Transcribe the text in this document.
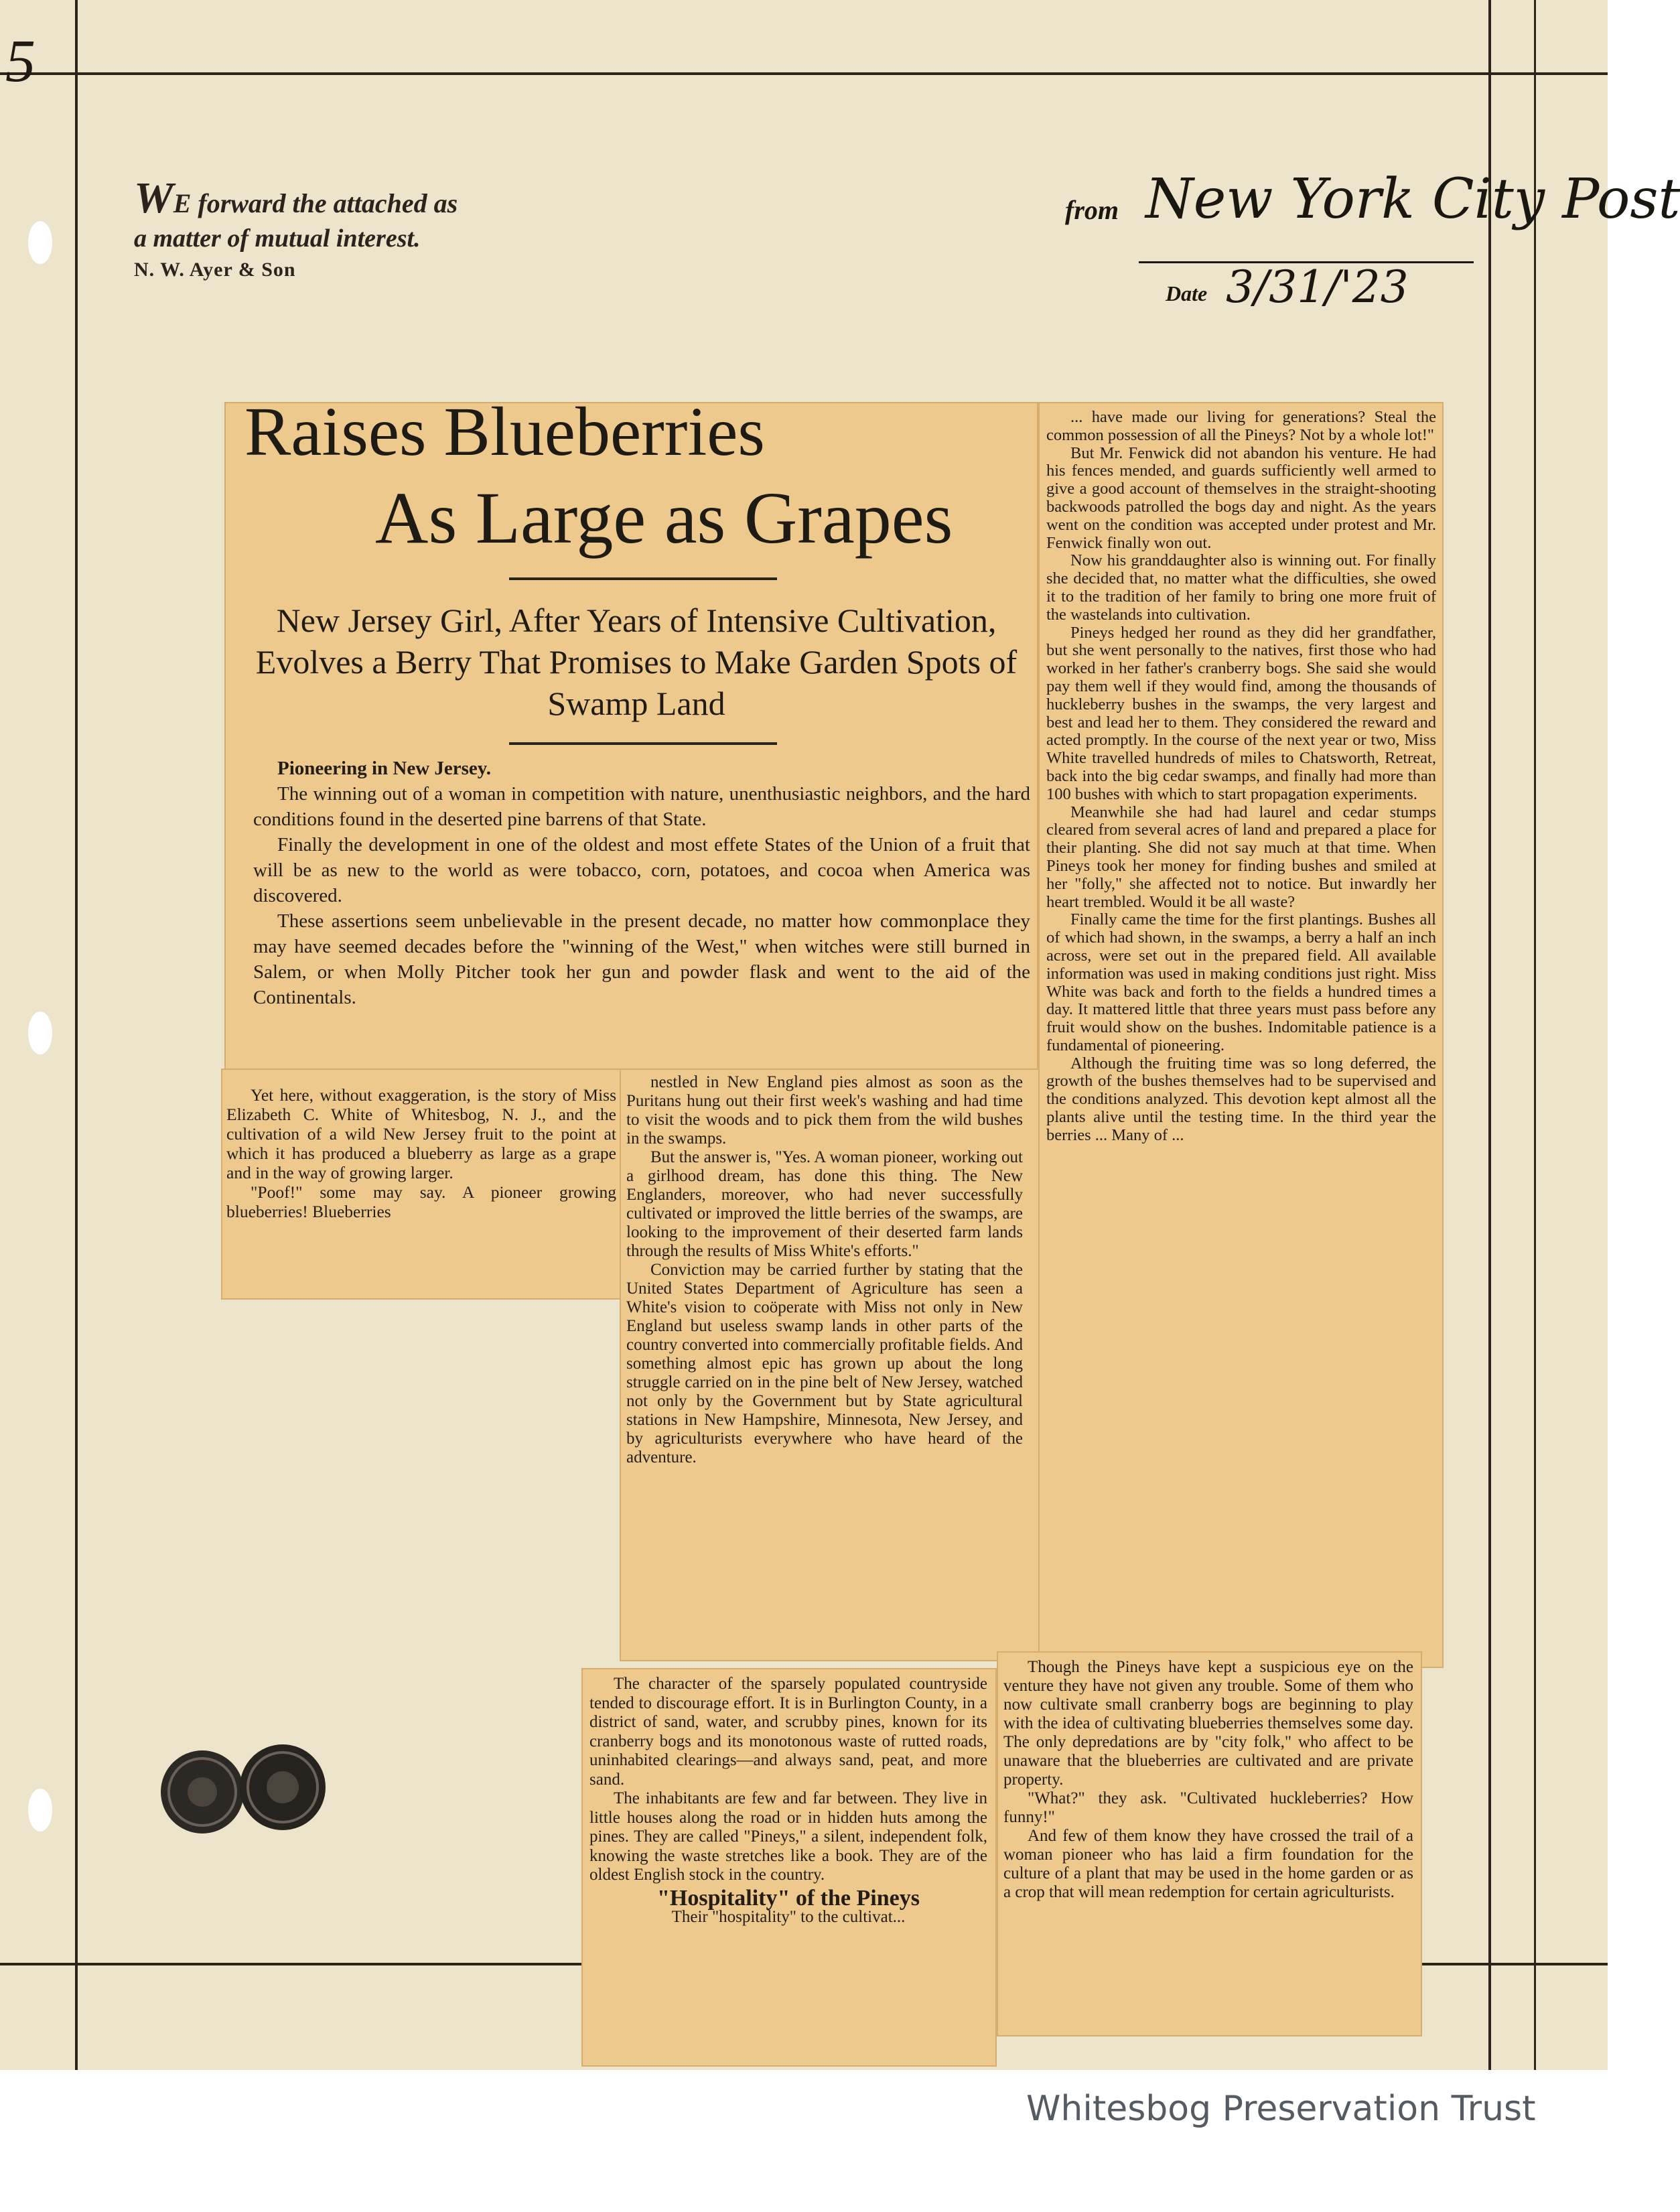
5
WE forward the attached as
a matter of mutual interest.
N. W. Ayer & Son
from New York City Post
Date 3/31/'23
Raises Blueberries
As Large as Grapes
New Jersey Girl, After Years of Intensive Cultivation, Evolves a Berry That Promises to Make Garden Spots of Swamp Land

Pioneering in New Jersey.

The winning out of a woman in competition with nature, unenthusiastic neighbors, and the hard conditions found in the deserted pine barrens of that State.

Finally the development in one of the oldest and most effete States of the Union of a fruit that will be as new to the world as were tobacco, corn, potatoes, and cocoa when America was discovered.

These assertions seem unbelievable in the present decade, no matter how commonplace they may have seemed decades before the "winning of the West," when witches were still burned in Salem, or when Molly Pitcher took her gun and powder flask and went to the aid of the Continentals.

Yet here, without exaggeration, is the story of Miss Elizabeth C. White of Whitesbog, N. J., and the cultivation of a wild New Jersey fruit to the point at which it has produced a blueberry as large as a grape and in the way of growing larger.

"Poof!" some may say. A pioneer growing blueberries! Blueberries

nestled in New England pies almost as soon as the Puritans hung out their first week's washing and had time to visit the woods and to pick them from the wild bushes in the swamps.

But the answer is, "Yes. A woman pioneer, working out a girlhood dream, has done this thing. The New Englanders, moreover, who had never successfully cultivated or improved the little berries of the swamps, are looking to the improvement of their deserted farm lands through the results of Miss White's efforts."

Conviction may be carried further by stating that the United States Department of Agriculture has seen a White's vision to coöperate with Miss not only in New England but useless swamp lands in other parts of the country converted into commercially profitable fields. And something almost epic has grown up about the long struggle carried on in the pine belt of New Jersey, watched not only by the Government but by State agricultural stations in New Hampshire, Minnesota, New Jersey, and by agriculturists everywhere who have heard of the adventure.

... have made our living for generations? Steal the common possession of all the Pineys? Not by a whole lot!"

But Mr. Fenwick did not abandon his venture. He had his fences mended, and guards sufficiently well armed to give a good account of themselves in the straight-shooting backwoods patrolled the bogs day and night. As the years went on the condition was accepted under protest and Mr. Fenwick finally won out.

Now his granddaughter also is winning out. For finally she decided that, no matter what the difficulties, she owed it to the tradition of her family to bring one more fruit of the wastelands into cultivation.

Pineys hedged her round as they did her grandfather, but she went personally to the natives, first those who had worked in her father's cranberry bogs. She said she would pay them well if they would find, among the thousands of huckleberry bushes in the swamps, the very largest and best and lead her to them. They considered the reward and acted promptly. In the course of the next year or two, Miss White travelled hundreds of miles to Chatsworth, Retreat, back into the big cedar swamps, and finally had more than 100 bushes with which to start propagation experiments.

Meanwhile she had had laurel and cedar stumps cleared from several acres of land and prepared a place for their planting. She did not say much at that time. When Pineys took her money for finding bushes and smiled at her "folly," she affected not to notice. But inwardly her heart trembled. Would it be all waste?

Finally came the time for the first plantings. Bushes all of which had shown, in the swamps, a berry a half an inch across, were set out in the prepared field. All available information was used in making conditions just right. Miss White was back and forth to the fields a hundred times a day. It mattered little that three years must pass before any fruit would show on the bushes. Indomitable patience is a fundamental of pioneering.

Although the fruiting time was so long deferred, the growth of the bushes themselves had to be supervised and the conditions analyzed. This devotion kept almost all the plants alive until the testing time. In the third year the berries ... Many of ...

The character of the sparsely populated countryside tended to discourage effort. It is in Burlington County, in a district of sand, water, and scrubby pines, known for its cranberry bogs and its monotonous waste of rutted roads, uninhabited clearings—and always sand, peat, and more sand.

The inhabitants are few and far between. They live in little houses along the road or in hidden huts among the pines. They are called "Pineys," a silent, independent folk, knowing the waste stretches like a book. They are of the oldest English stock in the country.

"Hospitality" of the Pineys

Their "hospitality" to the cultivat...

Though the Pineys have kept a suspicious eye on the venture they have not given any trouble. Some of them who now cultivate small cranberry bogs are beginning to play with the idea of cultivating blueberries themselves some day. The only depredations are by "city folk," who affect to be unaware that the blueberries are cultivated and are private property.

"What?" they ask. "Cultivated huckleberries? How funny!"

And few of them know they have crossed the trail of a woman pioneer who has laid a firm foundation for the culture of a plant that may be used in the home garden or as a crop that will mean redemption for certain agriculturists.

Whitesbog Preservation Trust
